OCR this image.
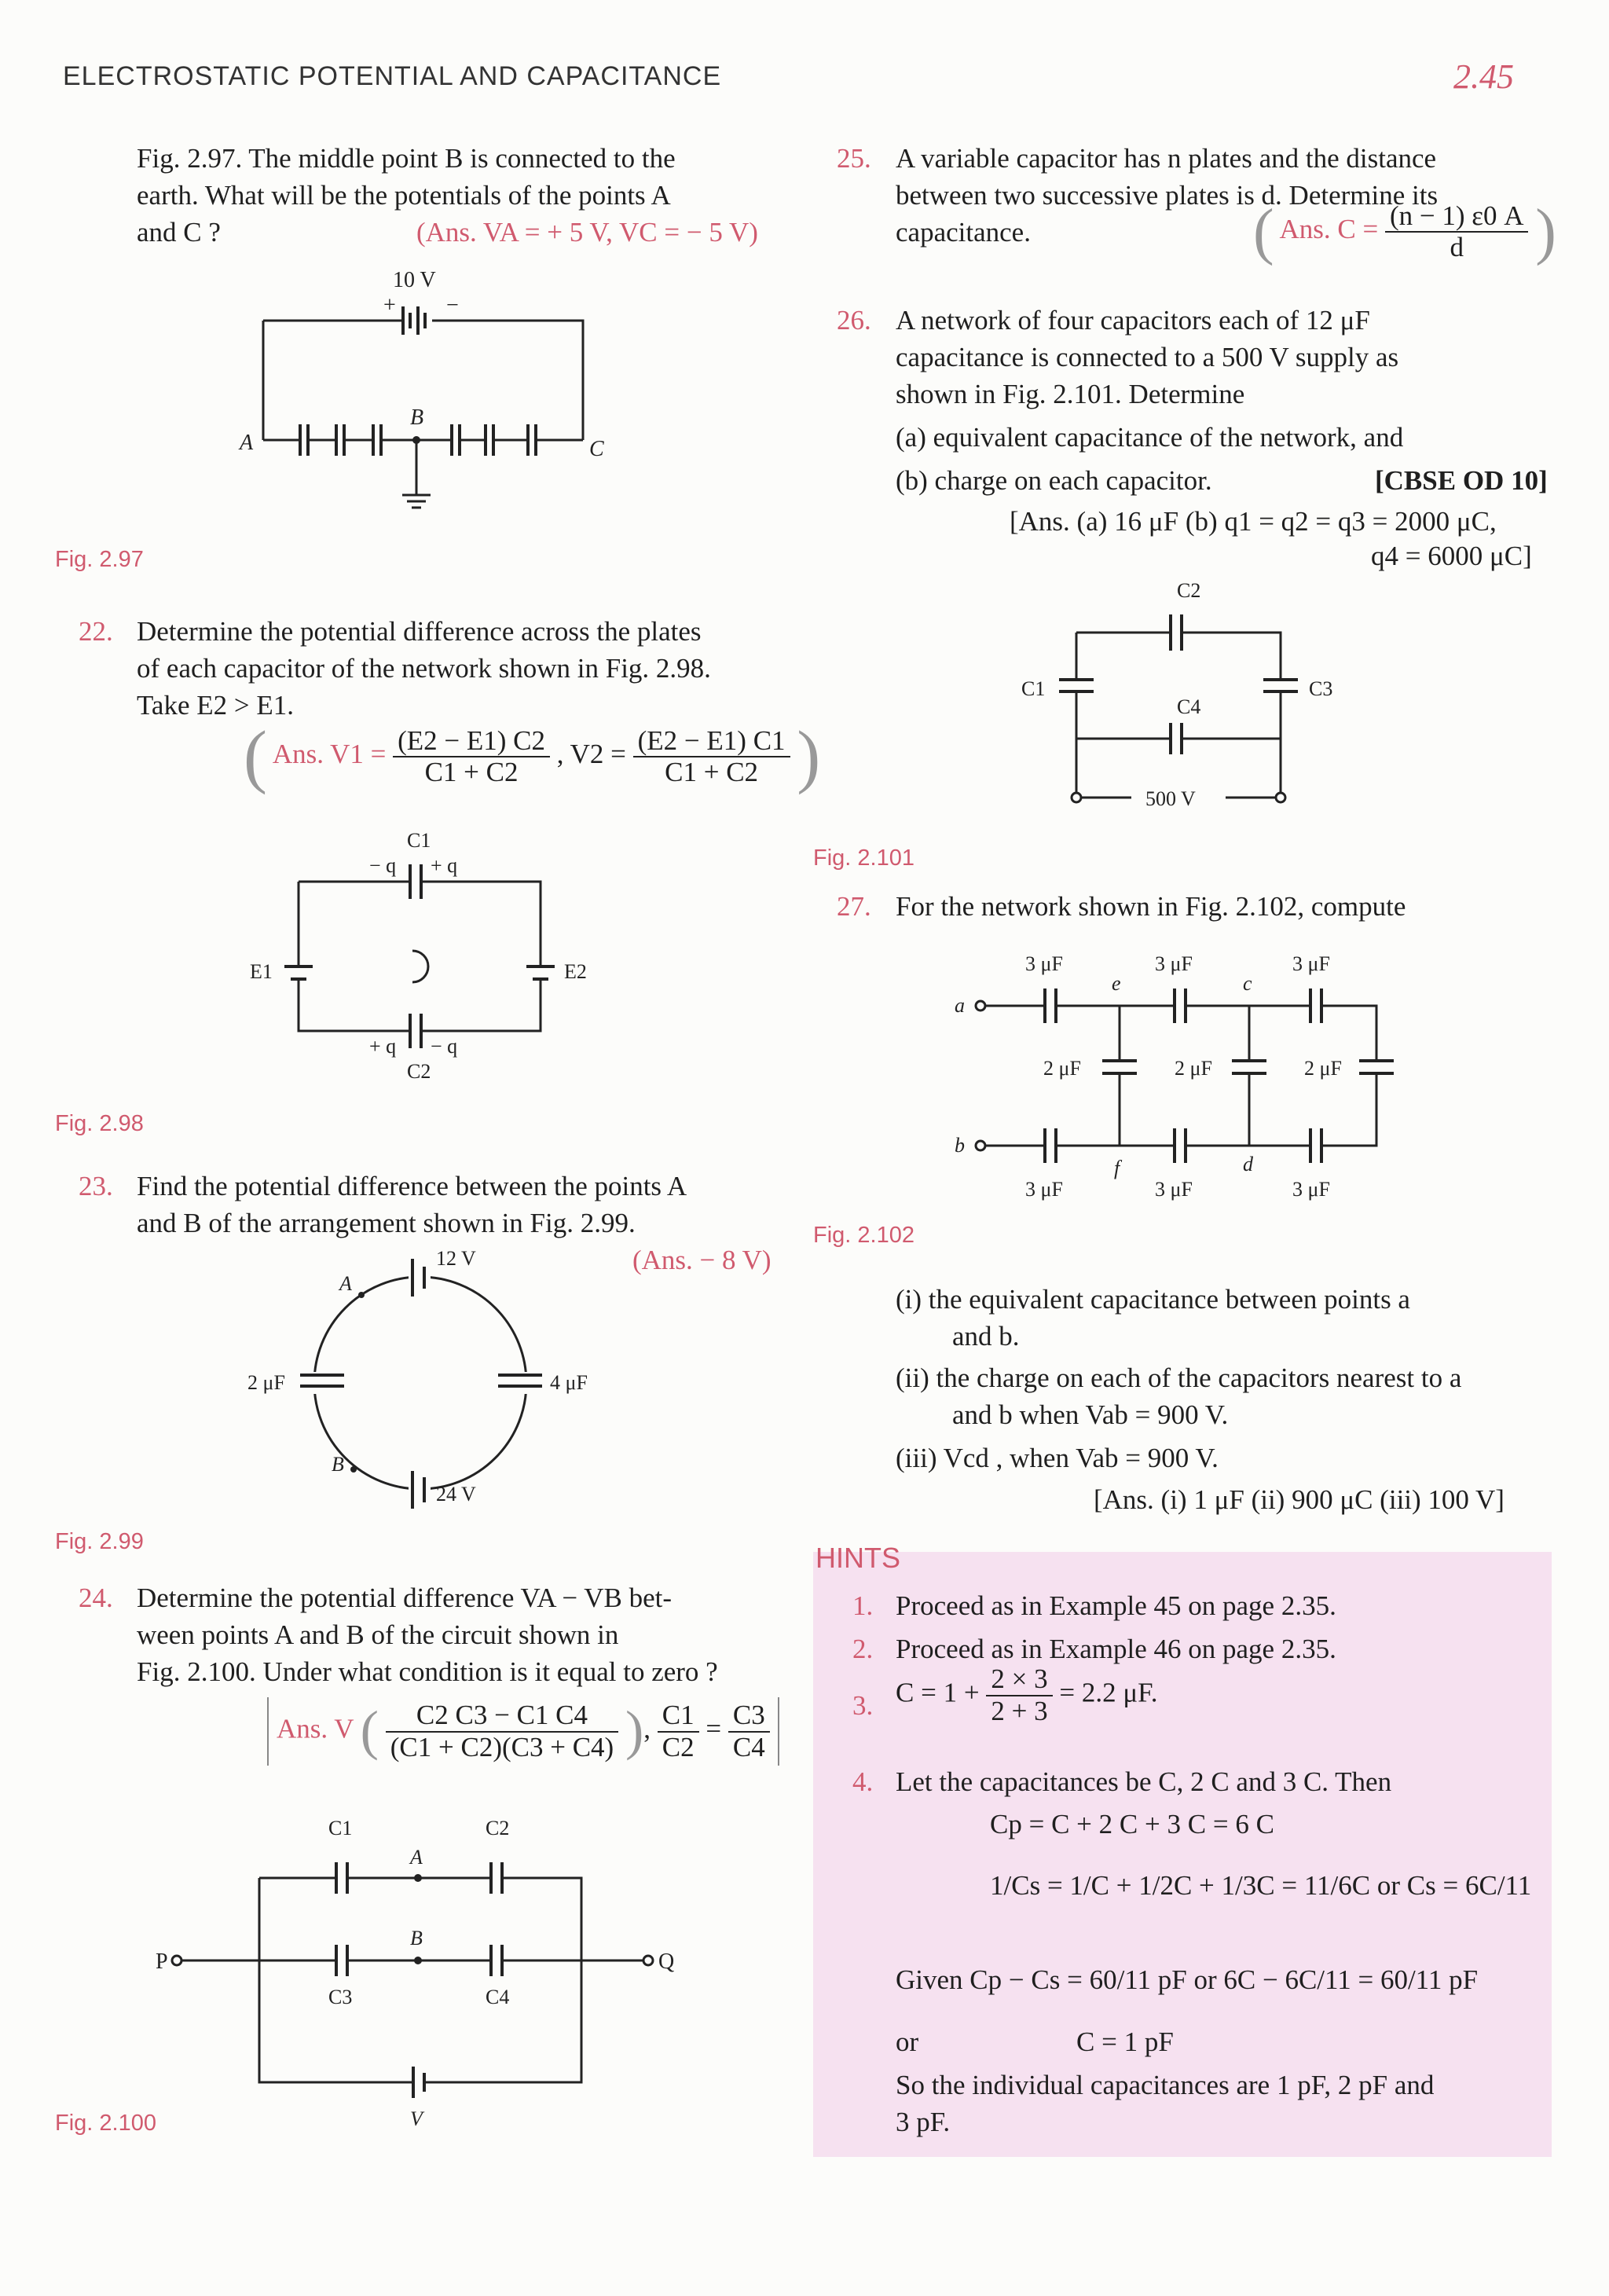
ELECTROSTATIC POTENTIAL AND CAPACITANCE	2.45
Fig. 2.97. The middle point B is connected to the
earth. What will be the potentials of the points A
and C ?	(Ans. VA = + 5 V, VC = − 5 V)
10 V
+ −
A
B
C
Fig. 2.97
22. Determine the potential difference across the plates
of each capacitor of the network shown in Fig. 2.98.
Take E2 > E1.
( Ans. $V1 = \frac{(E2 - E1) C2}{C1 + C2}$ , $V2 = \frac{(E2 - E1) C1}{C1 + C2}$ )
C1
− q + q
E1	E2
+ q − q
C2
Fig. 2.98
23. Find the potential difference between the points A
and B of the arrangement shown in Fig. 2.99.
(Ans. − 8 V)
12 V
24 V
2 μF	4 μF
A
B
Fig. 2.99
24. Determine the potential difference VA − VB bet-
ween points A and B of the circuit shown in
Fig. 2.100. Under what condition is it equal to zero ?
Ans. V ( $\frac{C2 C3 - C1 C4}{(C1 + C2)(C3 + C4)}$ ), $\frac{C1}{C2} = \frac{C3}{C4}$
C1	C2
A
B
P	Q
C3	C4
V
Fig. 2.100
25. A variable capacitor has n plates and the distance
between two successive plates is d. Determine its
capacitance.	( Ans. $C = \frac{(n - 1) \varepsilon 0 A}{d}$ )
26. A network of four capacitors each of 12 μF
capacitance is connected to a 500 V supply as
shown in Fig. 2.101. Determine
(a) equivalent capacitance of the network, and
(b) charge on each capacitor.	[CBSE OD 10]
[Ans. (a) 16 μF (b) q1 = q2 = q3 = 2000 μC,
q4 = 6000 μC]
C2
C1	C3
C4
500 V
Fig. 2.101
27. For the network shown in Fig. 2.102, compute
3 μF	3 μF	3 μF
a
e	c
2 μF	2 μF	2 μF
b
f	d
3 μF	3 μF	3 μF
Fig. 2.102
(i) the equivalent capacitance between points a
and b.
(ii) the charge on each of the capacitors nearest to a
and b when Vab = 900 V.
(iii) Vcd , when Vab = 900 V.
[Ans. (i) 1 μF (ii) 900 μC (iii) 100 V]
HINTS
1. Proceed as in Example 45 on page 2.35.
2. Proceed as in Example 46 on page 2.35.
3. $C = 1 + \frac{2 \times 3}{2 + 3} = 2.2$ μF.
4. Let the capacitances be C, 2 C and 3 C. Then
Cp = C + 2 C + 3 C = 6 C
1/Cs = 1/C + 1/2C + 1/3C = 11/6C or Cs = 6C/11
Given Cp − Cs = 60/11 pF or 6C − 6C/11 = 60/11 pF
or	C = 1 pF
So the individual capacitances are 1 pF, 2 pF and
3 pF.
